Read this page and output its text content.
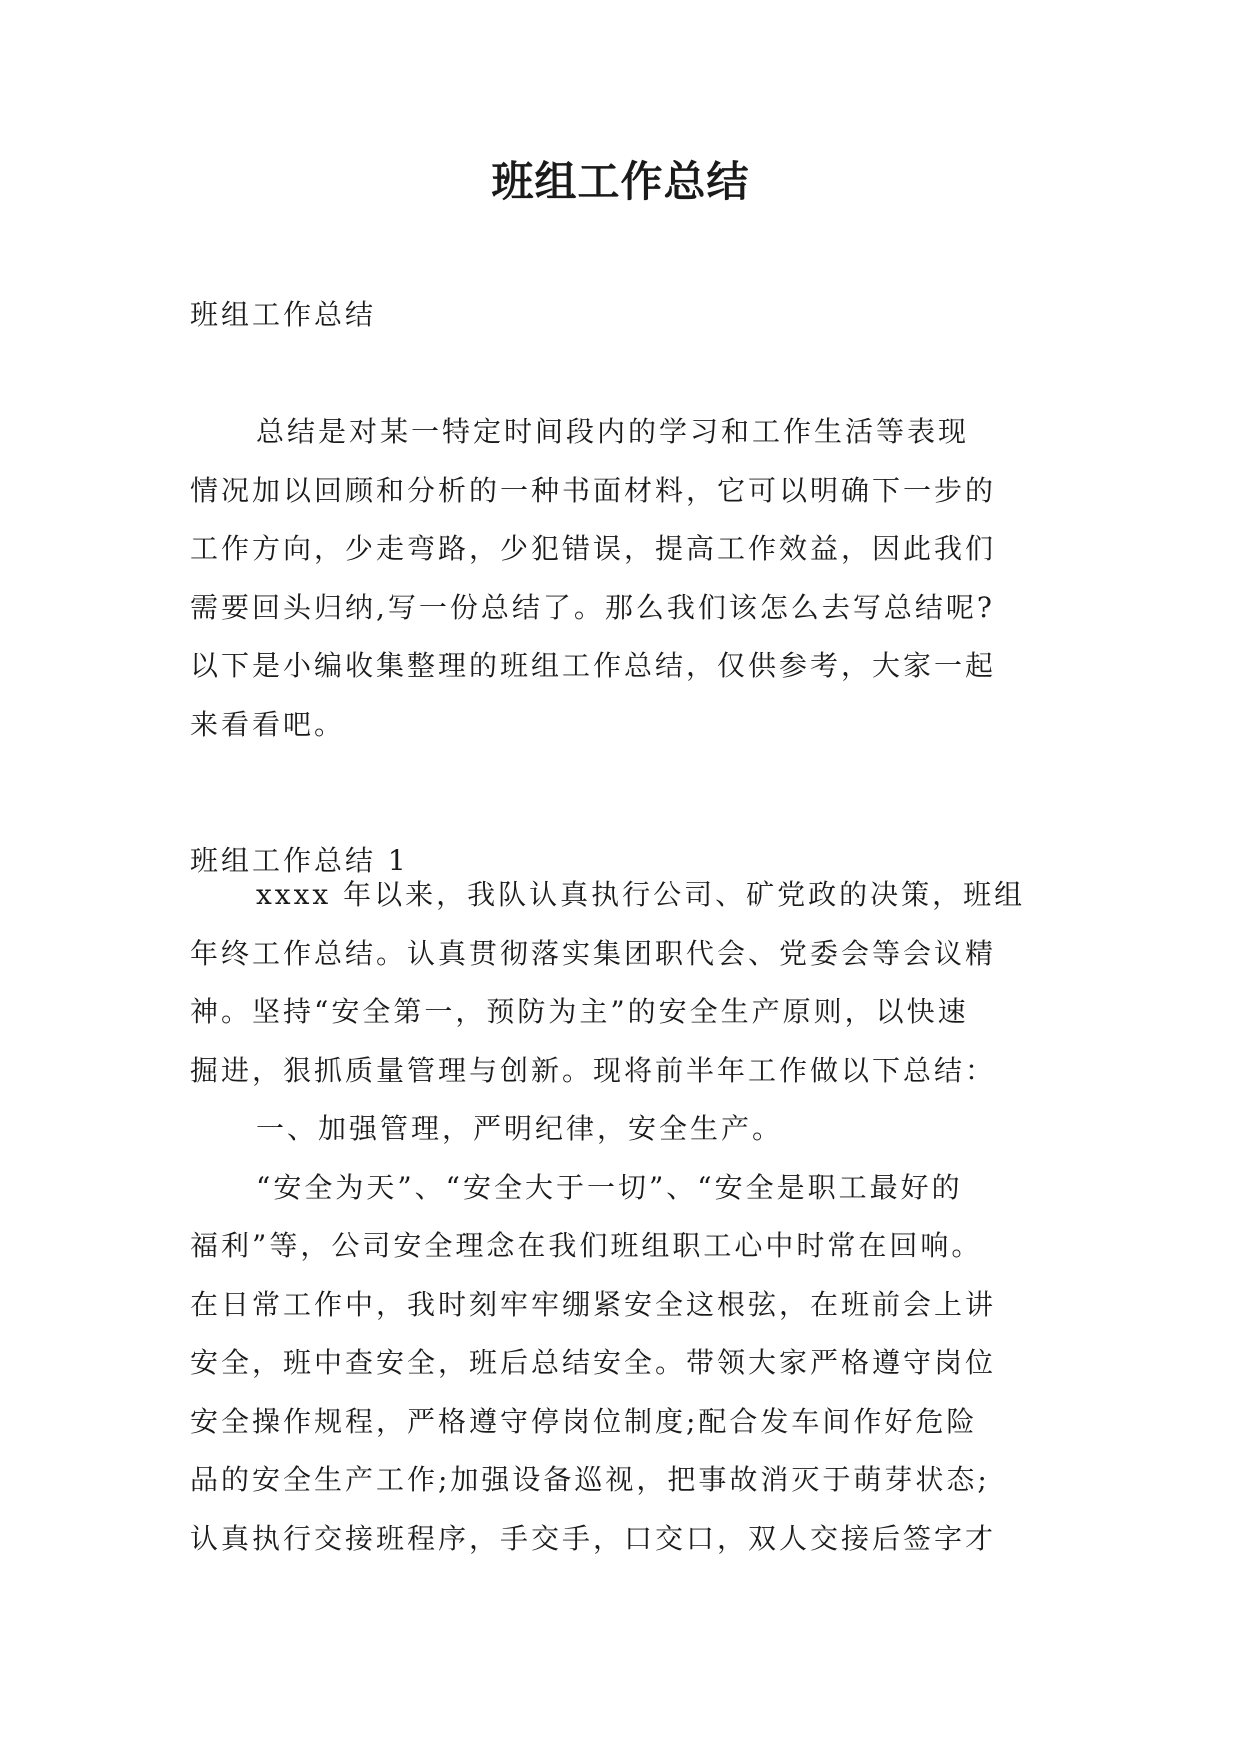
班组工作总结

班组工作总结

总结是对某一特定时间段内的学习和工作生活等表现
情况加以回顾和分析的一种书面材料，它可以明确下一步的
工作方向，少走弯路，少犯错误，提高工作效益，因此我们
需要回头归纳,写一份总结了。那么我们该怎么去写总结呢?
以下是小编收集整理的班组工作总结，仅供参考，大家一起
来看看吧。

班组工作总结 1

xxxx 年以来，我队认真执行公司、矿党政的决策，班组
年终工作总结。认真贯彻落实集团职代会、党委会等会议精
神。坚持“安全第一，预防为主”的安全生产原则，以快速
掘进，狠抓质量管理与创新。现将前半年工作做以下总结：
一、加强管理，严明纪律，安全生产。
“安全为天”、“安全大于一切”、“安全是职工最好的
福利”等，公司安全理念在我们班组职工心中时常在回响。
在日常工作中，我时刻牢牢绷紧安全这根弦，在班前会上讲
安全，班中查安全，班后总结安全。带领大家严格遵守岗位
安全操作规程，严格遵守停岗位制度;配合发车间作好危险
品的安全生产工作;加强设备巡视，把事故消灭于萌芽状态;
认真执行交接班程序，手交手，口交口，双人交接后签字才
